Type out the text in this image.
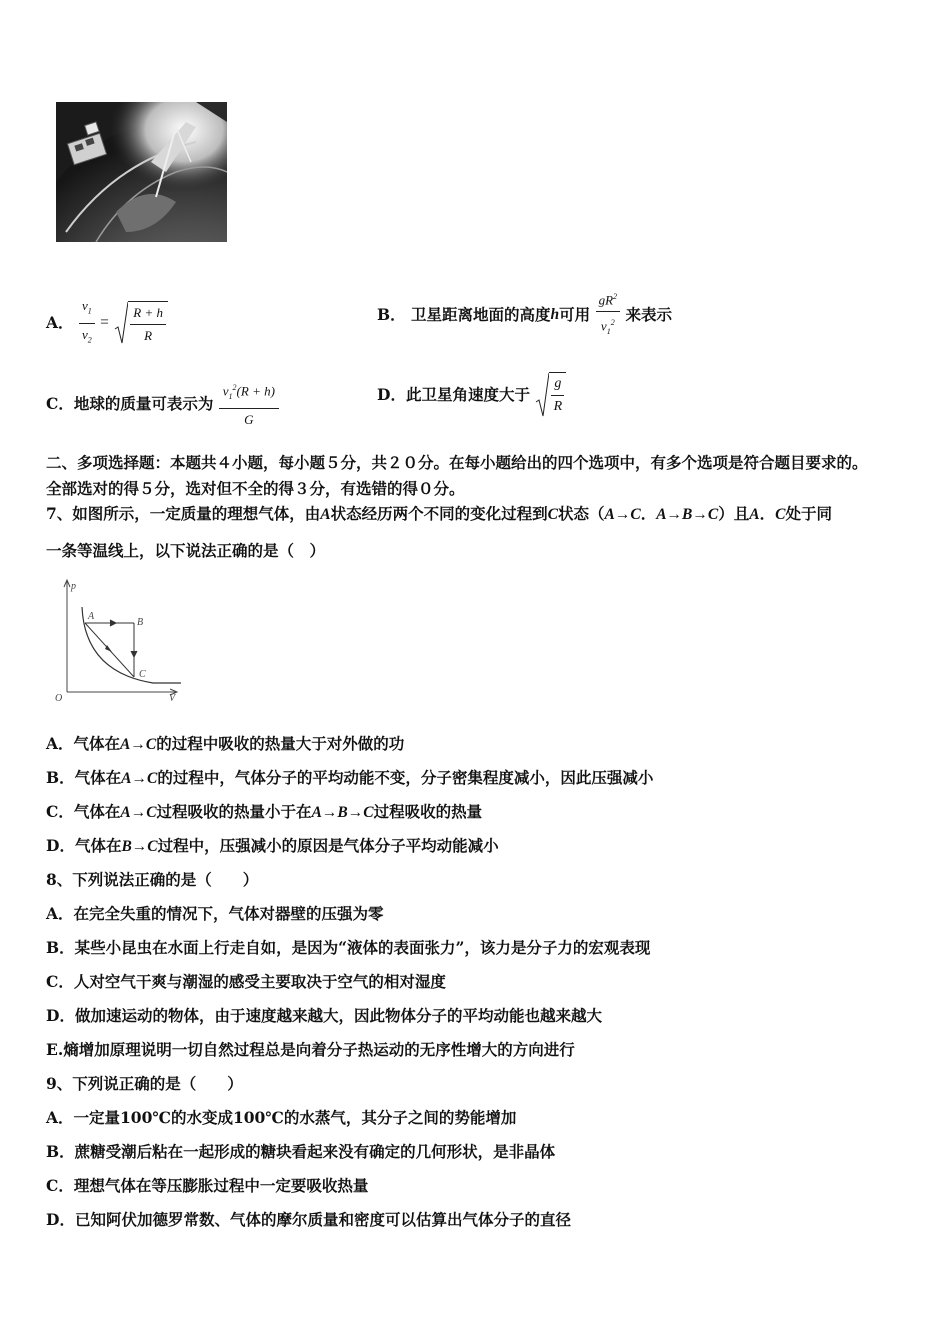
A． $\frac{v_1}{v_2} = \frac{R + h}{R}$	B． 卫星距离地面的高度h可用 $\frac{gR^2}{v_1^2}$ 来表示
C．地球的质量可表示为 $\frac{v_1^2(R + h)}{G}$	D．此卫星角速度大于 $\frac{g}{R}$
二、多项选择题：本题共４小题，每小题５分，共２０分。在每小题给出的四个选项中，有多个选项是符合题目要求的。
全部选对的得５分，选对但不全的得３分，有选错的得０分。
7、如图所示，一定质量的理想气体，由A状态经历两个不同的变化过程到C状态（A→C．A→B→C）且A．C处于同
一条等温线上，以下说法正确的是（　）
p
V
O
A
B
C
A．气体在A→C的过程中吸收的热量大于对外做的功
B．气体在A→C的过程中，气体分子的平均动能不变，分子密集程度减小，因此压强减小
C．气体在A→C过程吸收的热量小于在A→B→C过程吸收的热量
D．气体在B→C过程中，压强减小的原因是气体分子平均动能减小
8、下列说法正确的是（　　）
A．在完全失重的情况下，气体对器壁的压强为零
B．某些小昆虫在水面上行走自如，是因为“液体的表面张力”，该力是分子力的宏观表现
C．人对空气干爽与潮湿的感受主要取决于空气的相对湿度
D．做加速运动的物体，由于速度越来越大，因此物体分子的平均动能也越来越大
E.熵增加原理说明一切自然过程总是向着分子热运动的无序性增大的方向进行
9、下列说正确的是（　　）
A．一定量100℃的水变成100℃的水蒸气，其分子之间的势能增加
B．蔗糖受潮后粘在一起形成的糖块看起来没有确定的几何形状，是非晶体
C．理想气体在等压膨胀过程中一定要吸收热量
D．已知阿伏加德罗常数、气体的摩尔质量和密度可以估算出气体分子的直径
